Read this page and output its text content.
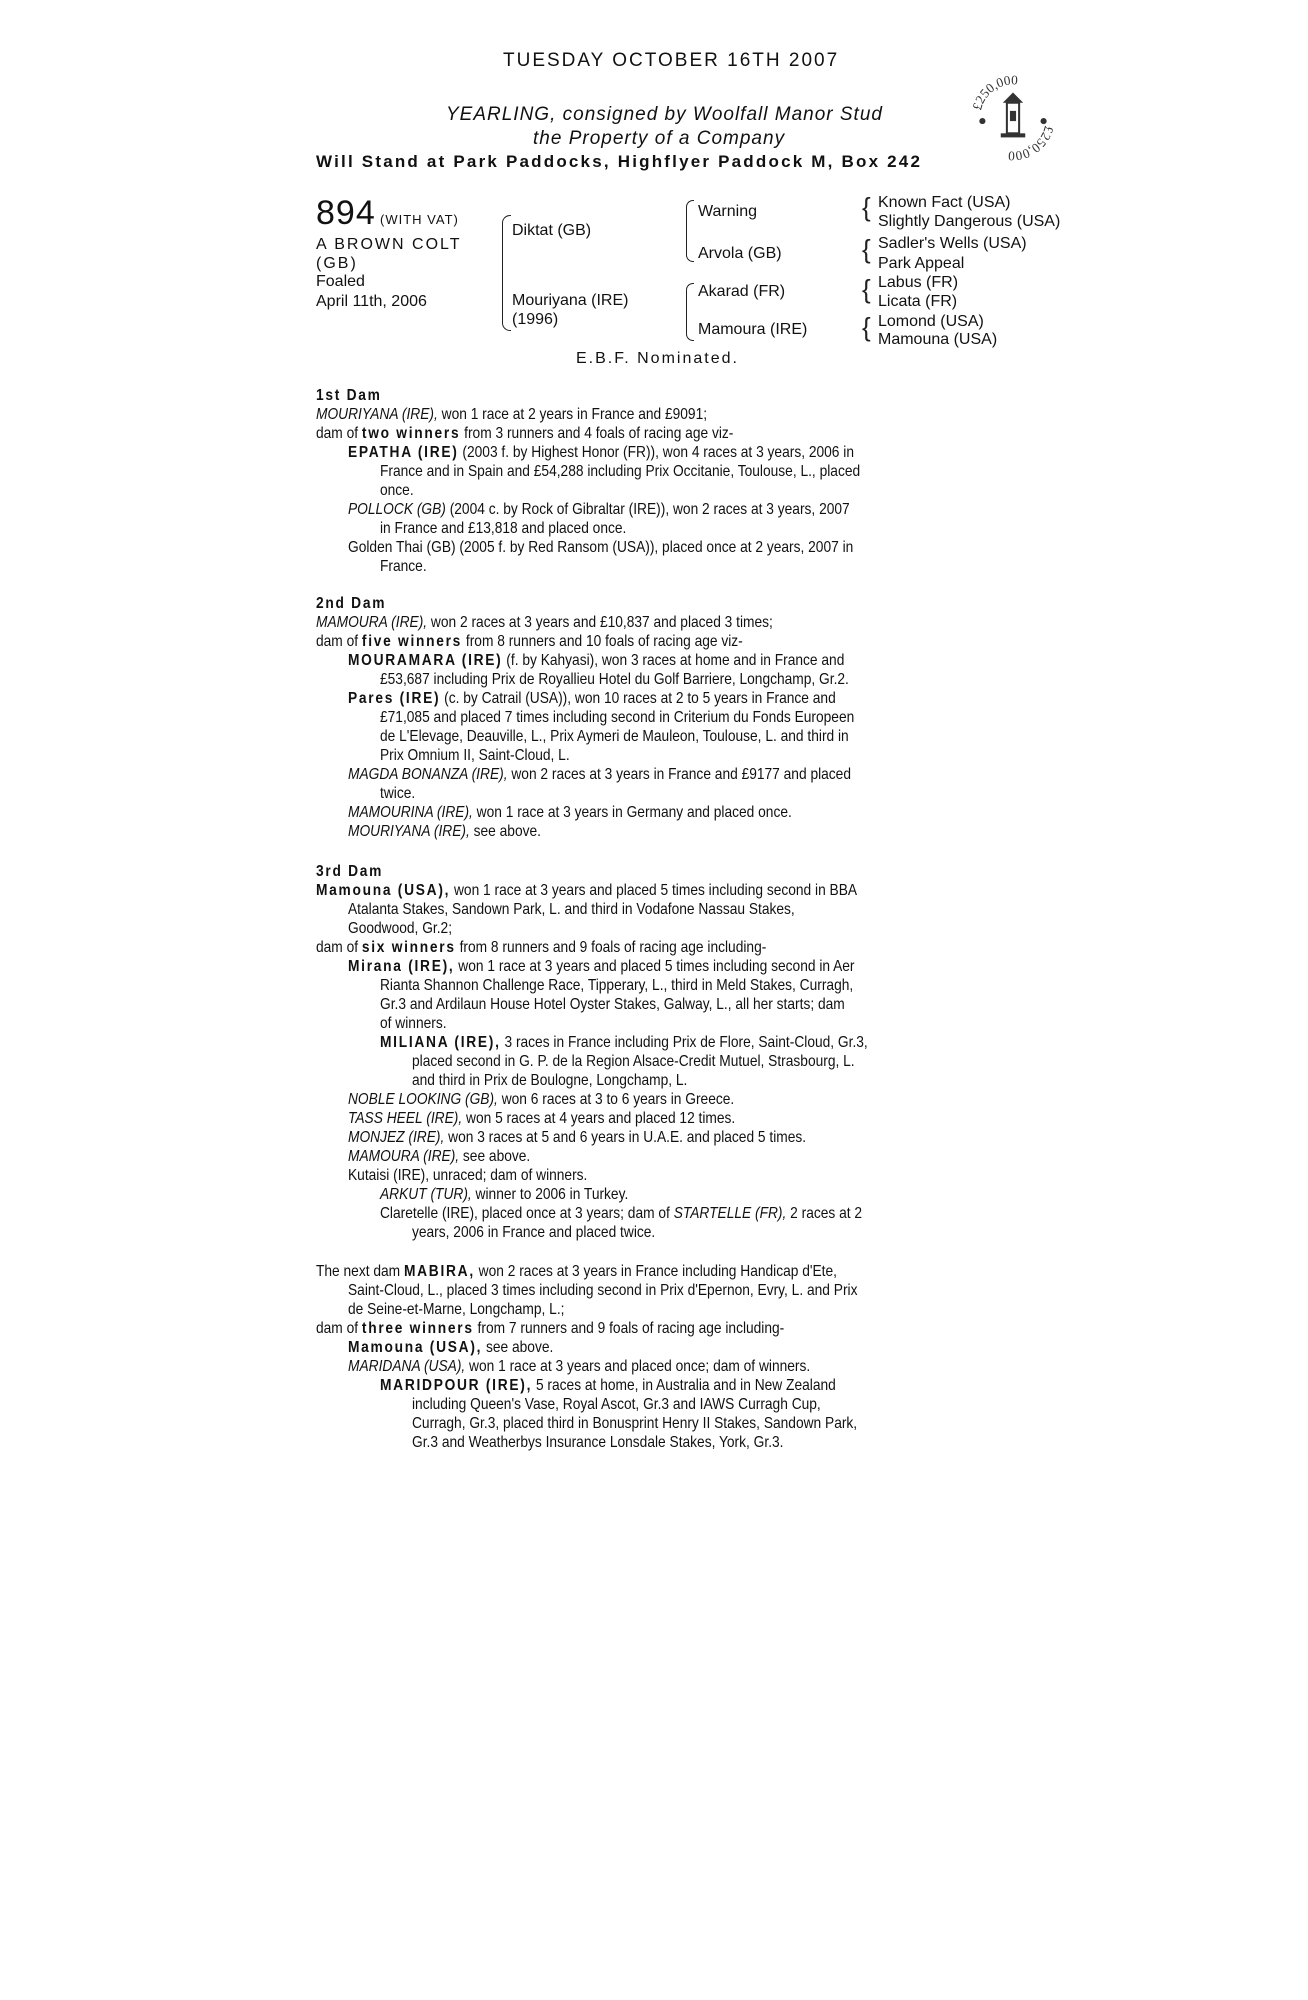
TUESDAY OCTOBER 16TH 2007
YEARLING, consigned by Woolfall Manor Stud
the Property of a Company
Will Stand at Park Paddocks, Highflyer Paddock M, Box 242
£250,000
£250,000
894 (WITH VAT)
A BROWN COLT
(GB)
Foaled
April 11th, 2006
Diktat (GB)
Mouriyana (IRE)
(1996)
Warning
Arvola (GB)
Akarad (FR)
Mamoura (IRE)
{ Known Fact (USA)
Slightly Dangerous (USA)
{ Sadler's Wells (USA)
Park Appeal
{ Labus (FR)
Licata (FR)
{ Lomond (USA)
Mamouna (USA)
E.B.F. Nominated.
1st Dam
MOURIYANA (IRE), won 1 race at 2 years in France and £9091;
dam of two winners from 3 runners and 4 foals of racing age viz-
EPATHA (IRE) (2003 f. by Highest Honor (FR)), won 4 races at 3 years, 2006 in
France and in Spain and £54,288 including Prix Occitanie, Toulouse, L., placed
once.
POLLOCK (GB) (2004 c. by Rock of Gibraltar (IRE)), won 2 races at 3 years, 2007
in France and £13,818 and placed once.
Golden Thai (GB) (2005 f. by Red Ransom (USA)), placed once at 2 years, 2007 in
France.
2nd Dam
MAMOURA (IRE), won 2 races at 3 years and £10,837 and placed 3 times;
dam of five winners from 8 runners and 10 foals of racing age viz-
MOURAMARA (IRE) (f. by Kahyasi), won 3 races at home and in France and
£53,687 including Prix de Royallieu Hotel du Golf Barriere, Longchamp, Gr.2.
Pares (IRE) (c. by Catrail (USA)), won 10 races at 2 to 5 years in France and
£71,085 and placed 7 times including second in Criterium du Fonds Europeen
de L'Elevage, Deauville, L., Prix Aymeri de Mauleon, Toulouse, L. and third in
Prix Omnium II, Saint-Cloud, L.
MAGDA BONANZA (IRE), won 2 races at 3 years in France and £9177 and placed
twice.
MAMOURINA (IRE), won 1 race at 3 years in Germany and placed once.
MOURIYANA (IRE), see above.
3rd Dam
Mamouna (USA), won 1 race at 3 years and placed 5 times including second in BBA
Atalanta Stakes, Sandown Park, L. and third in Vodafone Nassau Stakes,
Goodwood, Gr.2;
dam of six winners from 8 runners and 9 foals of racing age including-
Mirana (IRE), won 1 race at 3 years and placed 5 times including second in Aer
Rianta Shannon Challenge Race, Tipperary, L., third in Meld Stakes, Curragh,
Gr.3 and Ardilaun House Hotel Oyster Stakes, Galway, L., all her starts; dam
of winners.
MILIANA (IRE), 3 races in France including Prix de Flore, Saint-Cloud, Gr.3,
placed second in G. P. de la Region Alsace-Credit Mutuel, Strasbourg, L.
and third in Prix de Boulogne, Longchamp, L.
NOBLE LOOKING (GB), won 6 races at 3 to 6 years in Greece.
TASS HEEL (IRE), won 5 races at 4 years and placed 12 times.
MONJEZ (IRE), won 3 races at 5 and 6 years in U.A.E. and placed 5 times.
MAMOURA (IRE), see above.
Kutaisi (IRE), unraced; dam of winners.
ARKUT (TUR), winner to 2006 in Turkey.
Claretelle (IRE), placed once at 3 years; dam of STARTELLE (FR), 2 races at 2
years, 2006 in France and placed twice.
The next dam MABIRA, won 2 races at 3 years in France including Handicap d'Ete,
Saint-Cloud, L., placed 3 times including second in Prix d'Epernon, Evry, L. and Prix
de Seine-et-Marne, Longchamp, L.;
dam of three winners from 7 runners and 9 foals of racing age including-
Mamouna (USA), see above.
MARIDANA (USA), won 1 race at 3 years and placed once; dam of winners.
MARIDPOUR (IRE), 5 races at home, in Australia and in New Zealand
including Queen's Vase, Royal Ascot, Gr.3 and IAWS Curragh Cup,
Curragh, Gr.3, placed third in Bonusprint Henry II Stakes, Sandown Park,
Gr.3 and Weatherbys Insurance Lonsdale Stakes, York, Gr.3.
